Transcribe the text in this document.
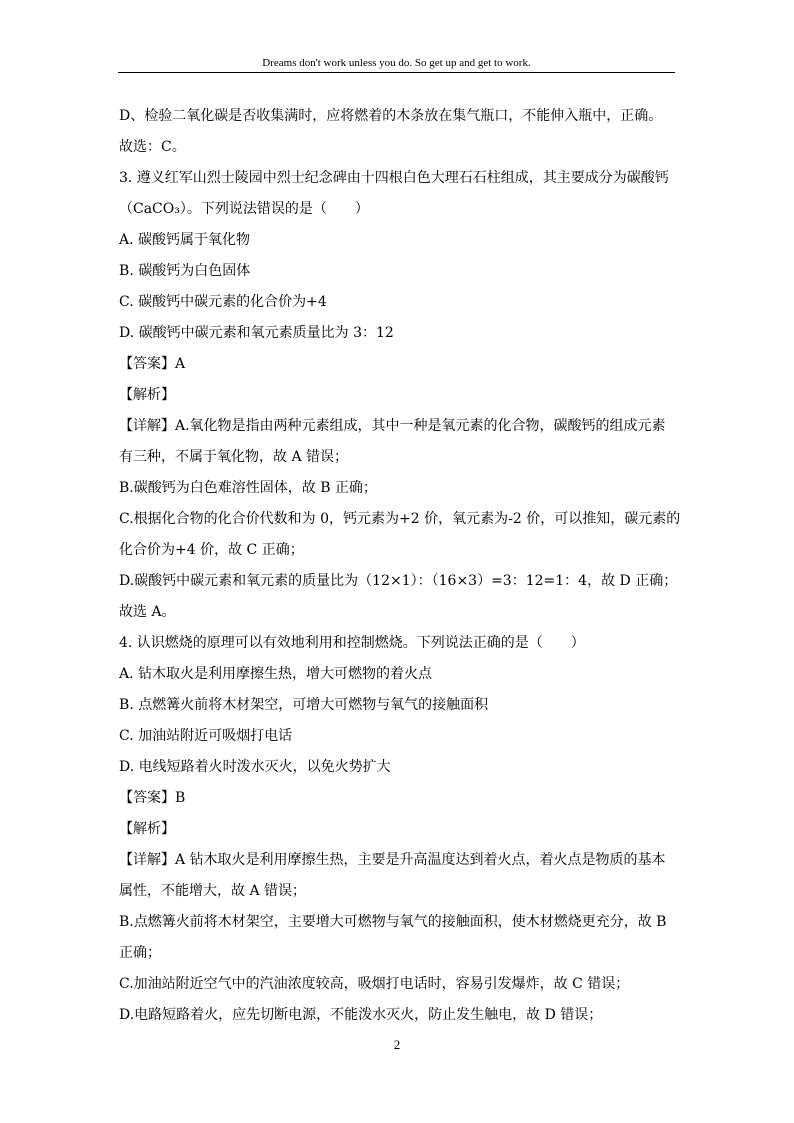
Dreams don't work unless you do. So get up and get to work.
D、检验二氧化碳是否收集满时，应将燃着的木条放在集气瓶口，不能伸入瓶中，正确。
故选：C。
3. 遵义红军山烈士陵园中烈士纪念碑由十四根白色大理石石柱组成，其主要成分为碳酸钙
（CaCO₃）。下列说法错误的是（　　）
A. 碳酸钙属于氧化物
B. 碳酸钙为白色固体
C. 碳酸钙中碳元素的化合价为+4
D. 碳酸钙中碳元素和氧元素质量比为 3：12
【答案】A
【解析】
【详解】A.氧化物是指由两种元素组成，其中一种是氧元素的化合物，碳酸钙的组成元素
有三种，不属于氧化物，故 A 错误；
B.碳酸钙为白色难溶性固体，故 B 正确；
C.根据化合物的化合价代数和为 0，钙元素为+2 价，氧元素为-2 价，可以推知，碳元素的
化合价为+4 价，故 C 正确；
D.碳酸钙中碳元素和氧元素的质量比为（12×1）：（16×3）=3：12=1：4，故 D 正确；
故选 A。
4. 认识燃烧的原理可以有效地利用和控制燃烧。下列说法正确的是（　　）
A. 钻木取火是利用摩擦生热，增大可燃物的着火点
B. 点燃篝火前将木材架空，可增大可燃物与氧气的接触面积
C. 加油站附近可吸烟打电话
D. 电线短路着火时泼水灭火，以免火势扩大
【答案】B
【解析】
【详解】A 钻木取火是利用摩擦生热，主要是升高温度达到着火点，着火点是物质的基本
属性，不能增大，故 A 错误；
B.点燃篝火前将木材架空，主要增大可燃物与氧气的接触面积，使木材燃烧更充分，故 B
正确；
C.加油站附近空气中的汽油浓度较高，吸烟打电话时，容易引发爆炸，故 C 错误；
D.电路短路着火，应先切断电源，不能泼水灭火，防止发生触电，故 D 错误；
2
